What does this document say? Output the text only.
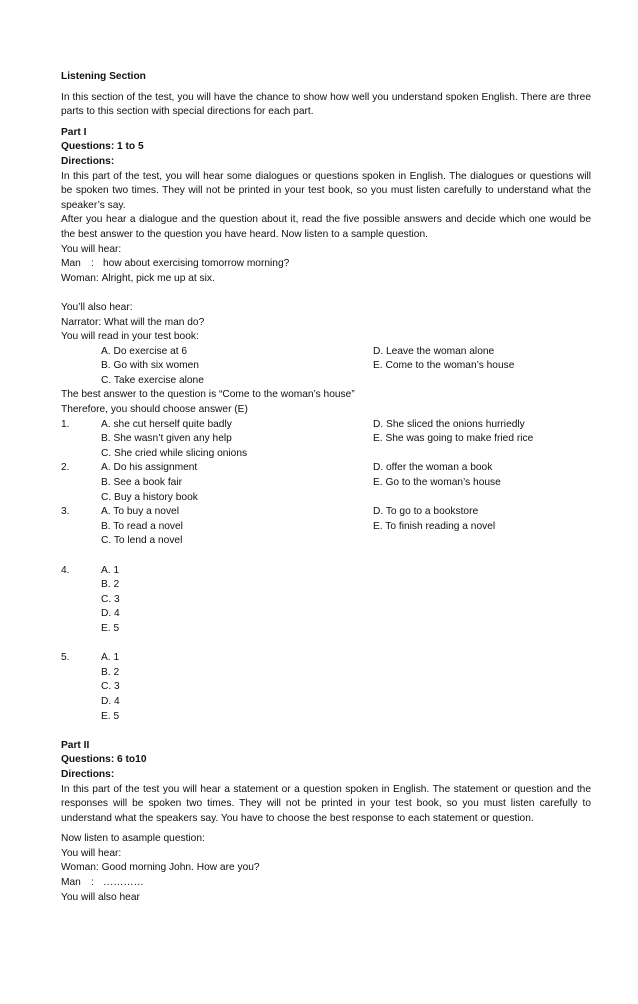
Listening Section
In this section of the test, you will have the chance to show how well you understand spoken English. There are three parts to this section with special directions for each part.
Part I
Questions: 1 to 5
Directions:
In this part of the test, you will hear some dialogues or questions spoken in English. The dialogues or questions will be spoken two times. They will not be printed in your test book, so you must listen carefully to understand what the speaker’s say.
After you hear a dialogue and the question about it, read the five possible answers and decide which one would be the best answer to the question you have heard. Now listen to a sample question.
You will hear:
Man : how about exercising tomorrow morning?
Woman:
Alright, pick me up at six.
You’ll also hear:
Narrator: What will the man do?
You will read in your test book:
A. Do exercise at 6	D. Leave the woman alone
B. Go with six women	E. Come to the woman’s house
C. Take exercise alone
The best answer to the question is “Come to the woman’s house”
Therefore, you should choose answer (E)
1.	A. she cut herself quite badly	D. She sliced the onions hurriedly
B. She wasn’t given any help	E. She was going to make fried rice
C. She cried while slicing onions
2.	A. Do his assignment	D. offer the woman a book
B. See a book fair	E. Go to the woman’s house
C. Buy a history book
3.	A. To buy a novel	D. To go to a bookstore
B. To read a novel	E. To finish reading a novel
C. To lend a novel
4.	A. 1
B. 2
C. 3
D. 4
E. 5
5.	A. 1
B. 2
C. 3
D. 4
E. 5
Part II
Questions: 6 to10
Directions:
In this part of the test you will hear a statement or a question spoken in English. The statement or question and the responses will be spoken two times. They will not be printed in your test book, so you must listen carefully to understand what the speakers say. You have to choose the best response to each statement or question.
Now listen to asample question:
You will hear:
Woman: Good morning John. How are you?
Man : …………
You will also hear
